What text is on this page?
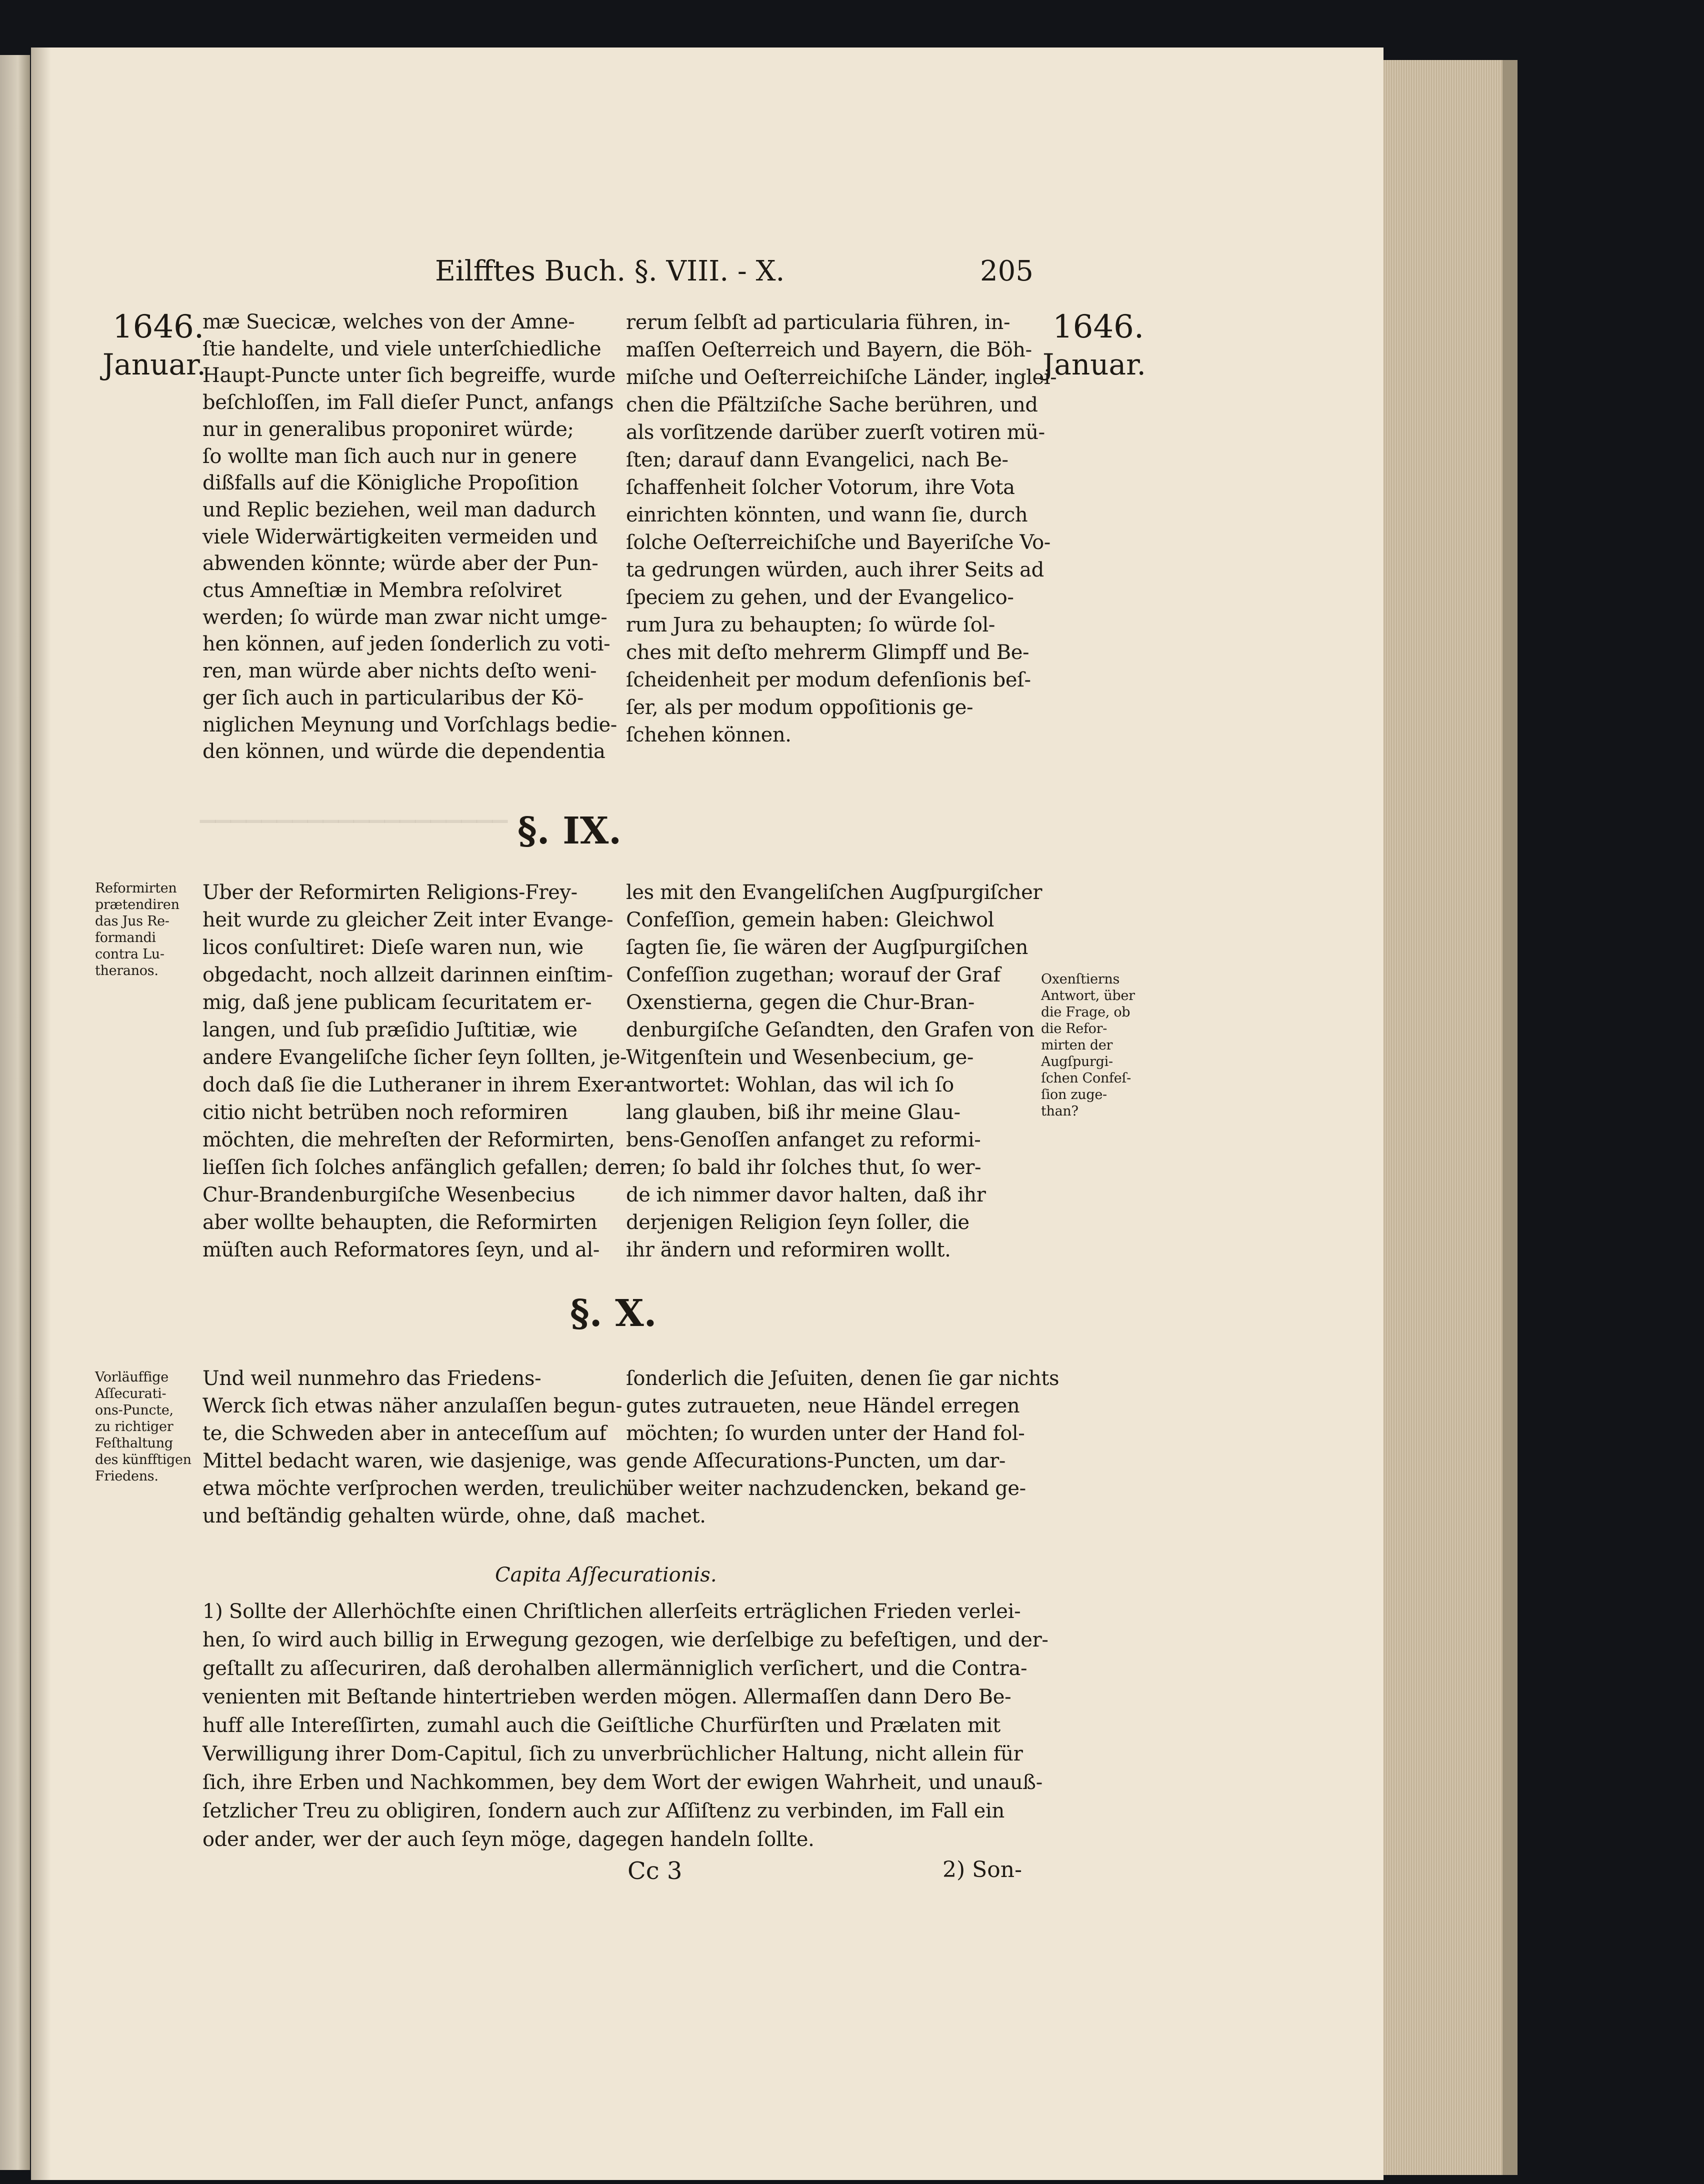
▁▁▁▁▁▁▁▁▁▁▁▁▁▁▁▁▁▁▁▁
Eilfftes Buch. §. VIII. - X.	205
1646.
Januar.
1646.
Januar.
mæ Suecicæ, welches von der Amne-
ſtie handelte, und viele unterſchiedliche
Haupt-Puncte unter ſich begreiffe, wurde
beſchloſſen, im Fall dieſer Punct, anfangs
nur in generalibus proponiret würde;
ſo wollte man ſich auch nur in genere
dißfalls auf die Königliche Propoſition
und Replic beziehen, weil man dadurch
viele Widerwärtigkeiten vermeiden und
abwenden könnte; würde aber der Pun-
ctus Amneſtiæ in Membra reſolviret
werden; ſo würde man zwar nicht umge-
hen können, auf jeden ſonderlich zu voti-
ren, man würde aber nichts deſto weni-
ger ſich auch in particularibus der Kö-
niglichen Meynung und Vorſchlags bedie-
den können, und würde die dependentia
rerum ſelbſt ad particularia führen, in-
maſſen Oeſterreich und Bayern, die Böh-
miſche und Oeſterreichiſche Länder, inglei-
chen die Pfältziſche Sache berühren, und
als vorſitzende darüber zuerſt votiren mü-
ſten; darauf dann Evangelici, nach Be-
ſchaffenheit ſolcher Votorum, ihre Vota
einrichten könnten, und wann ſie, durch
ſolche Oeſterreichiſche und Bayeriſche Vo-
ta gedrungen würden, auch ihrer Seits ad
ſpeciem zu gehen, und der Evangelico-
rum Jura zu behaupten; ſo würde ſol-
ches mit deſto mehrerm Glimpff und Be-
ſcheidenheit per modum defenſionis beſ-
ſer, als per modum oppoſitionis ge-
ſchehen können.
§. IX.
Reformirten
prætendiren
das Jus Re-
formandi
contra Lu-
theranos.
Oxenſtierns
Antwort, über
die Frage, ob
die Refor-
mirten der
Augſpurgi-
ſchen Confeſ-
ſion zuge-
than?
Uber der Reformirten Religions-Frey-
heit wurde zu gleicher Zeit inter Evange-
licos conſultiret: Dieſe waren nun, wie
obgedacht, noch allzeit darinnen einſtim-
mig, daß jene publicam ſecuritatem er-
langen, und ſub præſidio Juſtitiæ, wie
andere Evangeliſche ſicher ſeyn ſollten, je-
doch daß ſie die Lutheraner in ihrem Exer-
citio nicht betrüben noch reformiren
möchten, die mehreſten der Reformirten,
lieſſen ſich ſolches anfänglich gefallen; der
Chur-Brandenburgiſche Wesenbecius
aber wollte behaupten, die Reformirten
müſten auch Reformatores ſeyn, und al-
les mit den Evangeliſchen Augſpurgiſcher
Confeſſion, gemein haben: Gleichwol
ſagten ſie, ſie wären der Augſpurgiſchen
Confeſſion zugethan; worauf der Graf
Oxenstierna, gegen die Chur-Bran-
denburgiſche Geſandten, den Grafen von
Witgenſtein und Wesenbecium, ge-
antwortet: Wohlan, das wil ich ſo
lang glauben, biß ihr meine Glau-
bens-Genoſſen anfanget zu reformi-
ren; ſo bald ihr ſolches thut, ſo wer-
de ich nimmer davor halten, daß ihr
derjenigen Religion ſeyn ſoller, die
ihr ändern und reformiren wollt.
§. X.
Vorläuffige
Aſſecurati-
ons-Puncte,
zu richtiger
Feſthaltung
des künfftigen
Friedens.
Und weil nunmehro das Friedens-
Werck ſich etwas näher anzulaſſen begun-
te, die Schweden aber in anteceſſum auf
Mittel bedacht waren, wie dasjenige, was
etwa möchte verſprochen werden, treulich
und beſtändig gehalten würde, ohne, daß
ſonderlich die Jeſuiten, denen ſie gar nichts
gutes zutraueten, neue Händel erregen
möchten; ſo wurden unter der Hand fol-
gende Aſſecurations-Puncten, um dar-
über weiter nachzudencken, bekand ge-
machet.
Capita Aſſecurationis.
1) Sollte der Allerhöchſte einen Chriſtlichen allerſeits erträglichen Frieden verlei-
hen, ſo wird auch billig in Erwegung gezogen, wie derſelbige zu befeſtigen, und der-
geſtallt zu aſſecuriren, daß derohalben allermänniglich verſichert, und die Contra-
venienten mit Beſtande hintertrieben werden mögen. Allermaſſen dann Dero Be-
huff alle Intereſſirten, zumahl auch die Geiſtliche Churfürſten und Prælaten mit
Verwilligung ihrer Dom-Capitul, ſich zu unverbrüchlicher Haltung, nicht allein für
ſich, ihre Erben und Nachkommen, bey dem Wort der ewigen Wahrheit, und unauß-
ſetzlicher Treu zu obligiren, ſondern auch zur Aſſiſtenz zu verbinden, im Fall ein
oder ander, wer der auch ſeyn möge, dagegen handeln ſollte.
Cc 3	2) Son-
